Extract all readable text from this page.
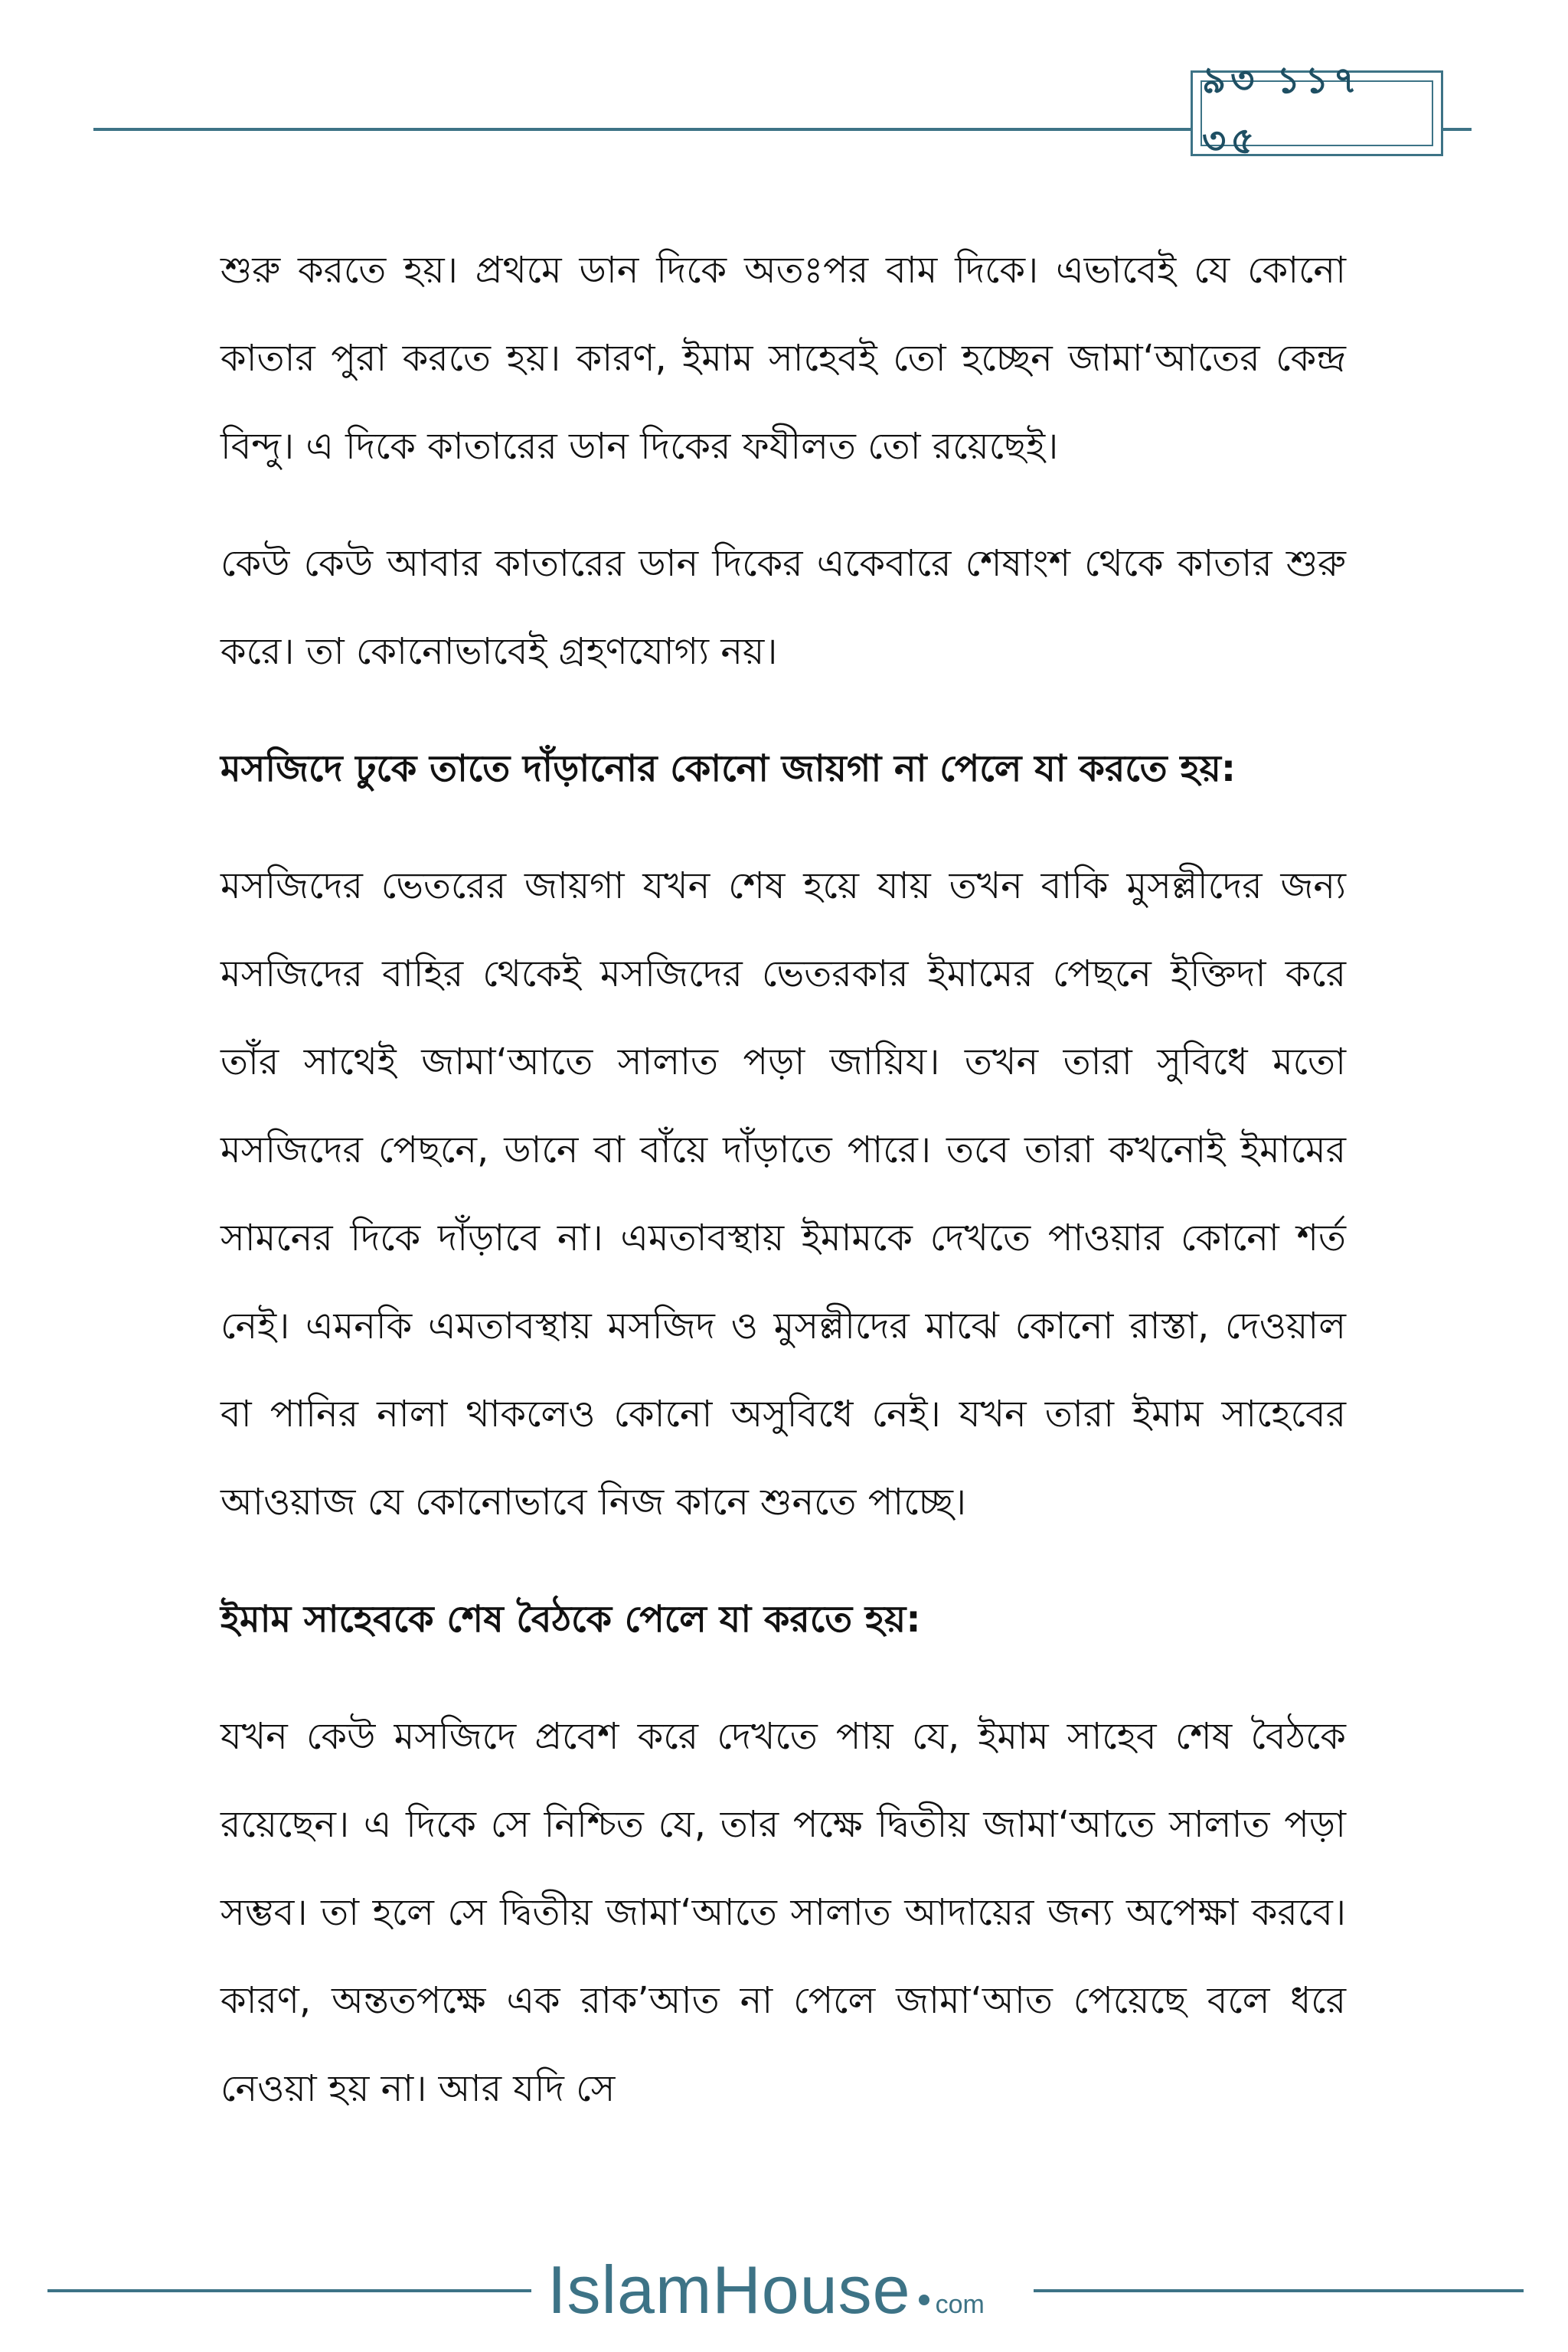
৯৩ ১১৭ ৩৫

শুরু করতে হয়। প্রথমে ডান দিকে অতঃপর বাম দিকে। এভাবেই যে কোনো কাতার পুরা করতে হয়। কারণ, ইমাম সাহেবই তো হচ্ছেন জামা‘আতের কেন্দ্র বিন্দু। এ দিকে কাতারের ডান দিকের ফযীলত তো রয়েছেই।

কেউ কেউ আবার কাতারের ডান দিকের একেবারে শেষাংশ থেকে কাতার শুরু করে। তা কোনোভাবেই গ্রহণযোগ্য নয়।

মসজিদে ঢুকে তাতে দাঁড়ানোর কোনো জায়গা না পেলে যা করতে হয়:

মসজিদের ভেতরের জায়গা যখন শেষ হয়ে যায় তখন বাকি মুসল্লীদের জন্য মসজিদের বাহির থেকেই মসজিদের ভেতরকার ইমামের পেছনে ইক্তিদা করে তাঁর সাথেই জামা‘আতে সালাত পড়া জায়িয। তখন তারা সুবিধে মতো মসজিদের পেছনে, ডানে বা বাঁয়ে দাঁড়াতে পারে। তবে তারা কখনোই ইমামের সামনের দিকে দাঁড়াবে না। এমতাবস্থায় ইমামকে দেখতে পাওয়ার কোনো শর্ত নেই। এমনকি এমতাবস্থায় মসজিদ ও মুসল্লীদের মাঝে কোনো রাস্তা, দেওয়াল বা পানির নালা থাকলেও কোনো অসুবিধে নেই। যখন তারা ইমাম সাহেবের আওয়াজ যে কোনোভাবে নিজ কানে শুনতে পাচ্ছে।

ইমাম সাহেবকে শেষ বৈঠকে পেলে যা করতে হয়:

যখন কেউ মসজিদে প্রবেশ করে দেখতে পায় যে, ইমাম সাহেব শেষ বৈঠকে রয়েছেন। এ দিকে সে নিশ্চিত যে, তার পক্ষে দ্বিতীয় জামা‘আতে সালাত পড়া সম্ভব। তা হলে সে দ্বিতীয় জামা‘আতে সালাত আদায়ের জন্য অপেক্ষা করবে। কারণ, অন্ততপক্ষে এক রাক’আত না পেলে জামা‘আত পেয়েছে বলে ধরে নেওয়া হয় না। আর যদি সে

IslamHouse com
